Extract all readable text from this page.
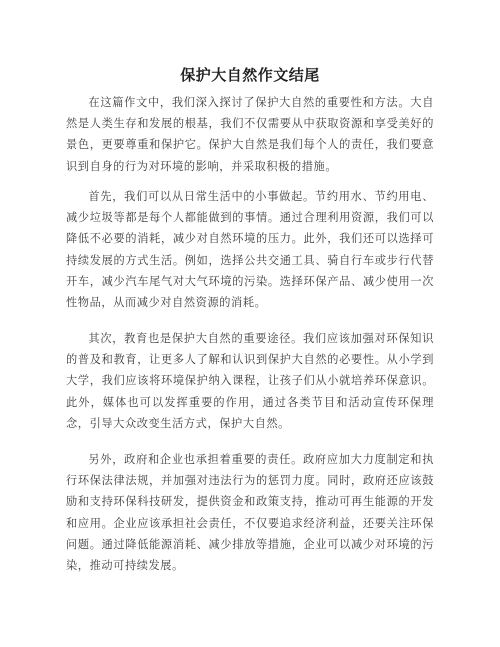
保护大自然作文结尾
在这篇作文中，我们深入探讨了保护大自然的重要性和方法。大自然是人类生存和发展的根基，我们不仅需要从中获取资源和享受美好的景色，更要尊重和保护它。保护大自然是我们每个人的责任，我们要意识到自身的行为对环境的影响，并采取积极的措施。
首先，我们可以从日常生活中的小事做起。节约用水、节约用电、减少垃圾等都是每个人都能做到的事情。通过合理利用资源，我们可以降低不必要的消耗，减少对自然环境的压力。此外，我们还可以选择可持续发展的方式生活。例如，选择公共交通工具、骑自行车或步行代替开车，减少汽车尾气对大气环境的污染。选择环保产品、减少使用一次性物品，从而减少对自然资源的消耗。
其次，教育也是保护大自然的重要途径。我们应该加强对环保知识的普及和教育，让更多人了解和认识到保护大自然的必要性。从小学到大学，我们应该将环境保护纳入课程，让孩子们从小就培养环保意识。此外，媒体也可以发挥重要的作用，通过各类节目和活动宣传环保理念，引导大众改变生活方式，保护大自然。
另外，政府和企业也承担着重要的责任。政府应加大力度制定和执行环保法律法规，并加强对违法行为的惩罚力度。同时，政府还应该鼓励和支持环保科技研发，提供资金和政策支持，推动可再生能源的开发和应用。企业应该承担社会责任，不仅要追求经济利益，还要关注环保问题。通过降低能源消耗、减少排放等措施，企业可以减少对环境的污染，推动可持续发展。
